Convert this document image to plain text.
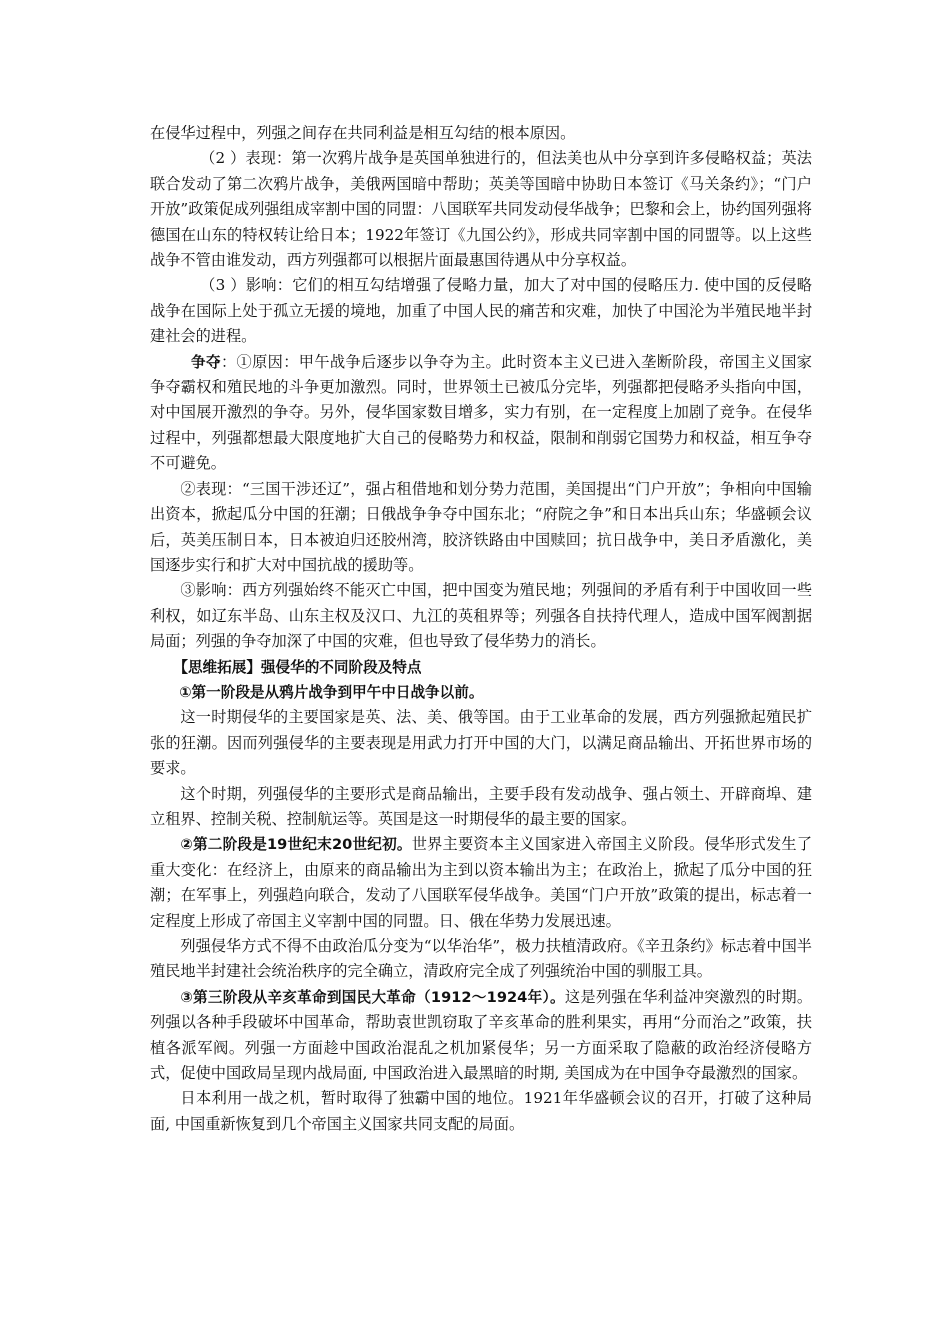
在侵华过程中，列强之间存在共同利益是相互勾结的根本原因。

（2 ）表现：第一次鸦片战争是英国单独进行的，但法美也从中分享到许多侵略权益；英法联合发动了第二次鸦片战争，美俄两国暗中帮助；英美等国暗中协助日本签订《马关条约》；“门户开放”政策促成列强组成宰割中国的同盟：八国联军共同发动侵华战争；巴黎和会上，协约国列强将德国在山东的特权转让给日本；1922年签订《九国公约》，形成共同宰割中国的同盟等。以上这些战争不管由谁发动，西方列强都可以根据片面最惠国待遇从中分享权益。

（3 ）影响：它们的相互勾结增强了侵略力量，加大了对中国的侵略压力. 使中国的反侵略战争在国际上处于孤立无援的境地，加重了中国人民的痛苦和灾难，加快了中国沦为半殖民地半封建社会的进程。

争夺：①原因：甲午战争后逐步以争夺为主。此时资本主义已进入垄断阶段，帝国主义国家争夺霸权和殖民地的斗争更加激烈。同时，世界领土已被瓜分完毕，列强都把侵略矛头指向中国，对中国展开激烈的争夺。另外，侵华国家数目增多，实力有别，在一定程度上加剧了竞争。在侵华过程中，列强都想最大限度地扩大自己的侵略势力和权益，限制和削弱它国势力和权益，相互争夺不可避免。

②表现：“三国干涉还辽”，强占租借地和划分势力范围，美国提出“门户开放”；争相向中国输出资本，掀起瓜分中国的狂潮；日俄战争争夺中国东北；“府院之争”和日本出兵山东；华盛顿会议后，英美压制日本，日本被迫归还胶州湾，胶济铁路由中国赎回；抗日战争中，美日矛盾激化，美国逐步实行和扩大对中国抗战的援助等。

③影响：西方列强始终不能灭亡中国，把中国变为殖民地；列强间的矛盾有利于中国收回一些利权，如辽东半岛、山东主权及汉口、九江的英租界等；列强各自扶持代理人，造成中国军阀割据局面；列强的争夺加深了中国的灾难，但也导致了侵华势力的消长。

【思维拓展】强侵华的不同阶段及特点

①第一阶段是从鸦片战争到甲午中日战争以前。

这一时期侵华的主要国家是英、法、美、俄等国。由于工业革命的发展，西方列强掀起殖民扩张的狂潮。因而列强侵华的主要表现是用武力打开中国的大门，以满足商品输出、开拓世界市场的要求。

这个时期，列强侵华的主要形式是商品输出，主要手段有发动战争、强占领土、开辟商埠、建立租界、控制关税、控制航运等。英国是这一时期侵华的最主要的国家。

②第二阶段是19世纪末20世纪初。世界主要资本主义国家进入帝国主义阶段。侵华形式发生了重大变化：在经济上，由原来的商品输出为主到以资本输出为主；在政治上，掀起了瓜分中国的狂潮；在军事上，列强趋向联合，发动了八国联军侵华战争。美国“门户开放”政策的提出，标志着一定程度上形成了帝国主义宰割中国的同盟。日、俄在华势力发展迅速。

列强侵华方式不得不由政治瓜分变为“以华治华”，极力扶植清政府。《辛丑条约》标志着中国半殖民地半封建社会统治秩序的完全确立，清政府完全成了列强统治中国的驯服工具。

③第三阶段从辛亥革命到国民大革命（1912～1924年）。这是列强在华利益冲突激烈的时期。列强以各种手段破坏中国革命，帮助袁世凯窃取了辛亥革命的胜利果实，再用“分而治之”政策，扶植各派军阀。列强一方面趁中国政治混乱之机加紧侵华；另一方面采取了隐蔽的政治经济侵略方式，促使中国政局呈现内战局面, 中国政治进入最黑暗的时期, 美国成为在中国争夺最激烈的国家。

日本利用一战之机，暂时取得了独霸中国的地位。1921年华盛顿会议的召开，打破了这种局面, 中国重新恢复到几个帝国主义国家共同支配的局面。
